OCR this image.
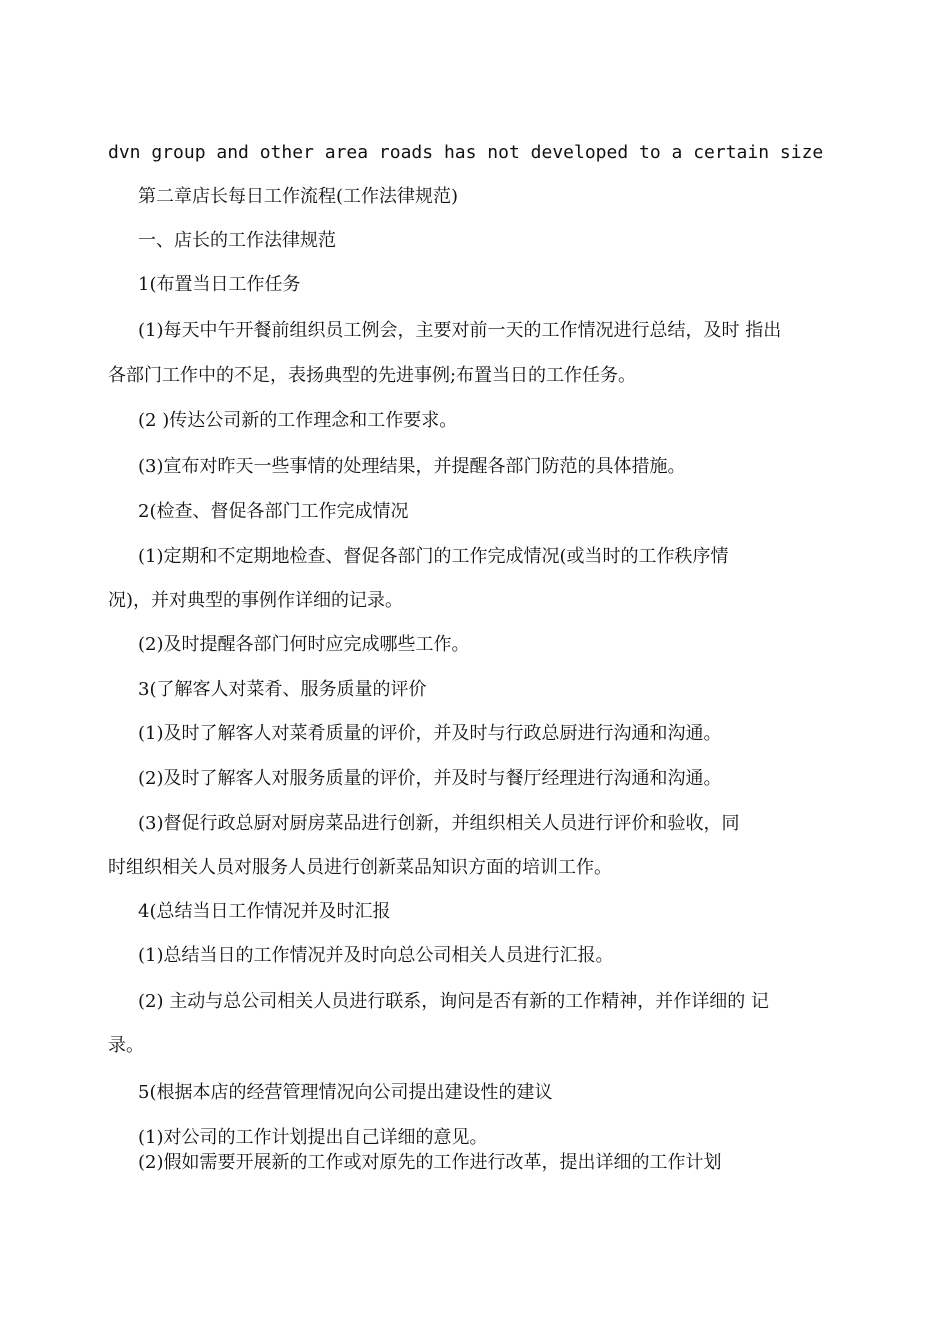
dvn group and other area roads has not developed to a certain size
第二章店长每日工作流程(工作法律规范)
一、店长的工作法律规范
1(布置当日工作任务
(1)每天中午开餐前组织员工例会，主要对前一天的工作情况进行总结，及时 指出
各部门工作中的不足，表扬典型的先进事例;布置当日的工作任务。
(2 )传达公司新的工作理念和工作要求。
(3)宣布对昨天一些事情的处理结果，并提醒各部门防范的具体措施。
2(检查、督促各部门工作完成情况
(1)定期和不定期地检查、督促各部门的工作完成情况(或当时的工作秩序情
况)，并对典型的事例作详细的记录。
(2)及时提醒各部门何时应完成哪些工作。
3(了解客人对菜肴、服务质量的评价
(1)及时了解客人对菜肴质量的评价，并及时与行政总厨进行沟通和沟通。
(2)及时了解客人对服务质量的评价，并及时与餐厅经理进行沟通和沟通。
(3)督促行政总厨对厨房菜品进行创新，并组织相关人员进行评价和验收，同
时组织相关人员对服务人员进行创新菜品知识方面的培训工作。
4(总结当日工作情况并及时汇报
(1)总结当日的工作情况并及时向总公司相关人员进行汇报。
(2) 主动与总公司相关人员进行联系，询问是否有新的工作精神，并作详细的 记
录。
5(根据本店的经营管理情况向公司提出建设性的建议
(1)对公司的工作计划提出自己详细的意见。
(2)假如需要开展新的工作或对原先的工作进行改革，提出详细的工作计划
